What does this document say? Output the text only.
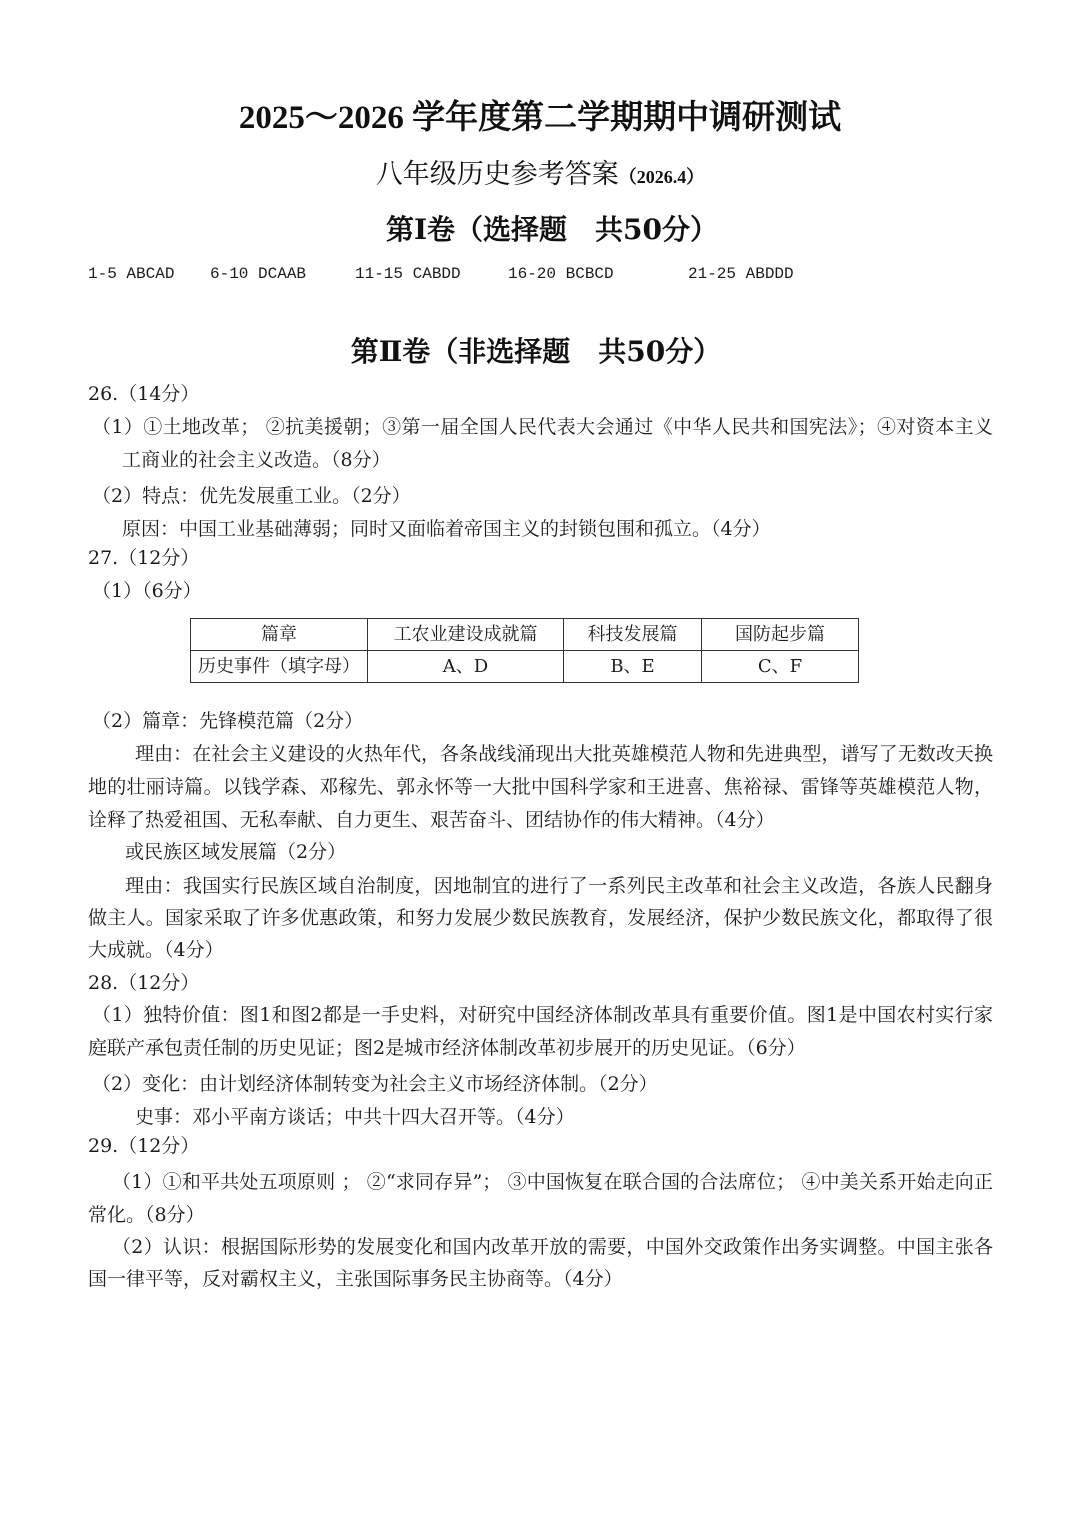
2025～2026 学年度第二学期期中调研测试
八年级历史参考答案（2026.4）
第Ⅰ卷（选择题　共50分）
1-5 ABCAD 6-10 DCAAB	11-15 CABDD	16-20 BCBCD	21-25 ABDDD
第Ⅱ卷（非选择题　共50分）
26.（14分）
（1）①土地改革； ②抗美援朝；③第一届全国人民代表大会通过《中华人民共和国宪法》；④对资本主义工商业的社会主义改造。（8分）
（2）特点：优先发展重工业。（2分）
原因：中国工业基础薄弱；同时又面临着帝国主义的封锁包围和孤立。（4分）
27.（12分）
（1）（6分）
篇章	工农业建设成就篇	科技发展篇	国防起步篇
历史事件（填字母）	A、D	B、E	C、F
（2）篇章：先锋模范篇（2分）
理由：在社会主义建设的火热年代，各条战线涌现出大批英雄模范人物和先进典型，谱写了无数改天换地的壮丽诗篇。以钱学森、邓稼先、郭永怀等一大批中国科学家和王进喜、焦裕禄、雷锋等英雄模范人物，诠释了热爱祖国、无私奉献、自力更生、艰苦奋斗、团结协作的伟大精神。（4分）
或民族区域发展篇（2分）
理由：我国实行民族区域自治制度，因地制宜的进行了一系列民主改革和社会主义改造，各族人民翻身做主人。国家采取了许多优惠政策，和努力发展少数民族教育，发展经济，保护少数民族文化，都取得了很大成就。（4分）
28.（12分）
（1）独特价值：图1和图2都是一手史料，对研究中国经济体制改革具有重要价值。图1是中国农村实行家庭联产承包责任制的历史见证；图2是城市经济体制改革初步展开的历史见证。（6分）
（2）变化：由计划经济体制转变为社会主义市场经济体制。（2分）
史事：邓小平南方谈话；中共十四大召开等。（4分）
29.（12分）
（1）①和平共处五项原则 ； ②“求同存异”； ③中国恢复在联合国的合法席位； ④中美关系开始走向正常化。（8分）
（2）认识：根据国际形势的发展变化和国内改革开放的需要，中国外交政策作出务实调整。中国主张各国一律平等，反对霸权主义，主张国际事务民主协商等。（4分）
